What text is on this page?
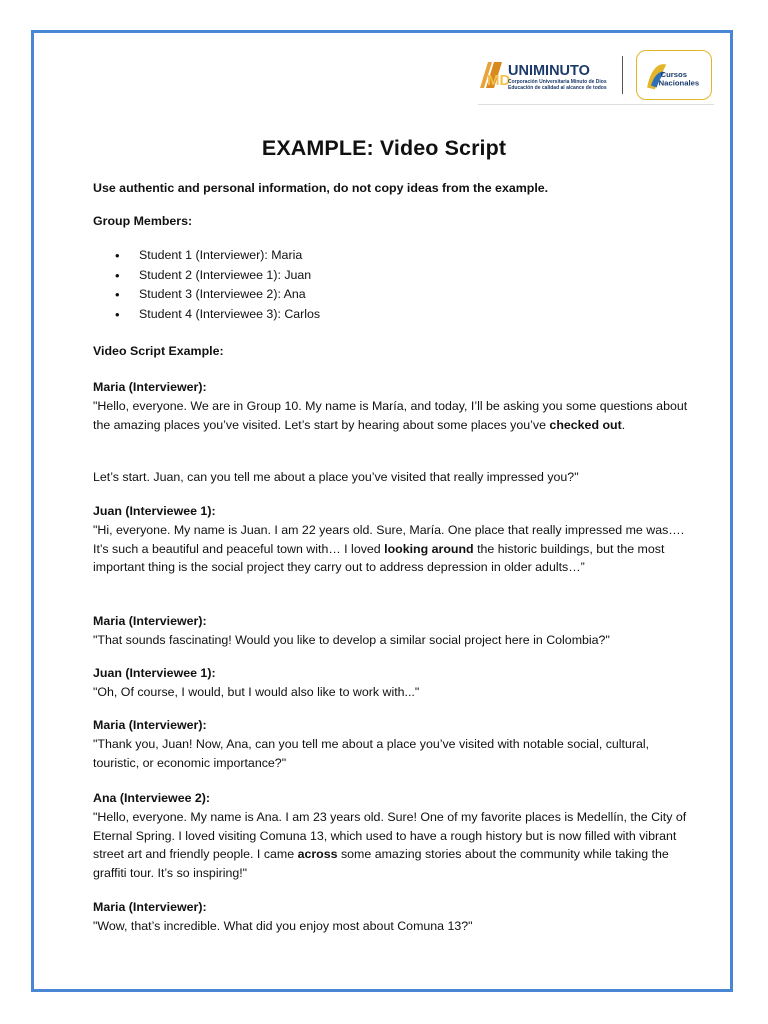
MD
UNIMINUTO
Corporación Universitaria Minuto de Dios
Educación de calidad al alcance de todos
Cursos
Nacionales
EXAMPLE: Video Script

Use authentic and personal information, do not copy ideas from the example.

Group Members:

• Student 1 (Interviewer): Maria
• Student 2 (Interviewee 1): Juan
• Student 3 (Interviewee 2): Ana
• Student 4 (Interviewee 3): Carlos

Video Script Example:

Maria (Interviewer):

"Hello, everyone. We are in Group 10. My name is María, and today, I’ll be asking you some questions about the amazing places you’ve visited. Let’s start by hearing about some places you’ve checked out.

Let’s start. Juan, can you tell me about a place you’ve visited that really impressed you?"

Juan (Interviewee 1):

"Hi, everyone. My name is Juan. I am 22 years old. Sure, María. One place that really impressed me was…. It’s such a beautiful and peaceful town with… I loved looking around the historic buildings, but the most important thing is the social project they carry out to address depression in older adults…”

Maria (Interviewer):

"That sounds fascinating! Would you like to develop a similar social project here in Colombia?"

Juan (Interviewee 1):

"Oh, Of course, I would, but I would also like to work with..."

Maria (Interviewer):

"Thank you, Juan! Now, Ana, can you tell me about a place you’ve visited with notable social, cultural, touristic, or economic importance?"

Ana (Interviewee 2):

"Hello, everyone. My name is Ana. I am 23 years old. Sure! One of my favorite places is Medellín, the City of Eternal Spring. I loved visiting Comuna 13, which used to have a rough history but is now filled with vibrant street art and friendly people. I came across some amazing stories about the community while taking the graffiti tour. It’s so inspiring!"

Maria (Interviewer):

"Wow, that’s incredible. What did you enjoy most about Comuna 13?"
